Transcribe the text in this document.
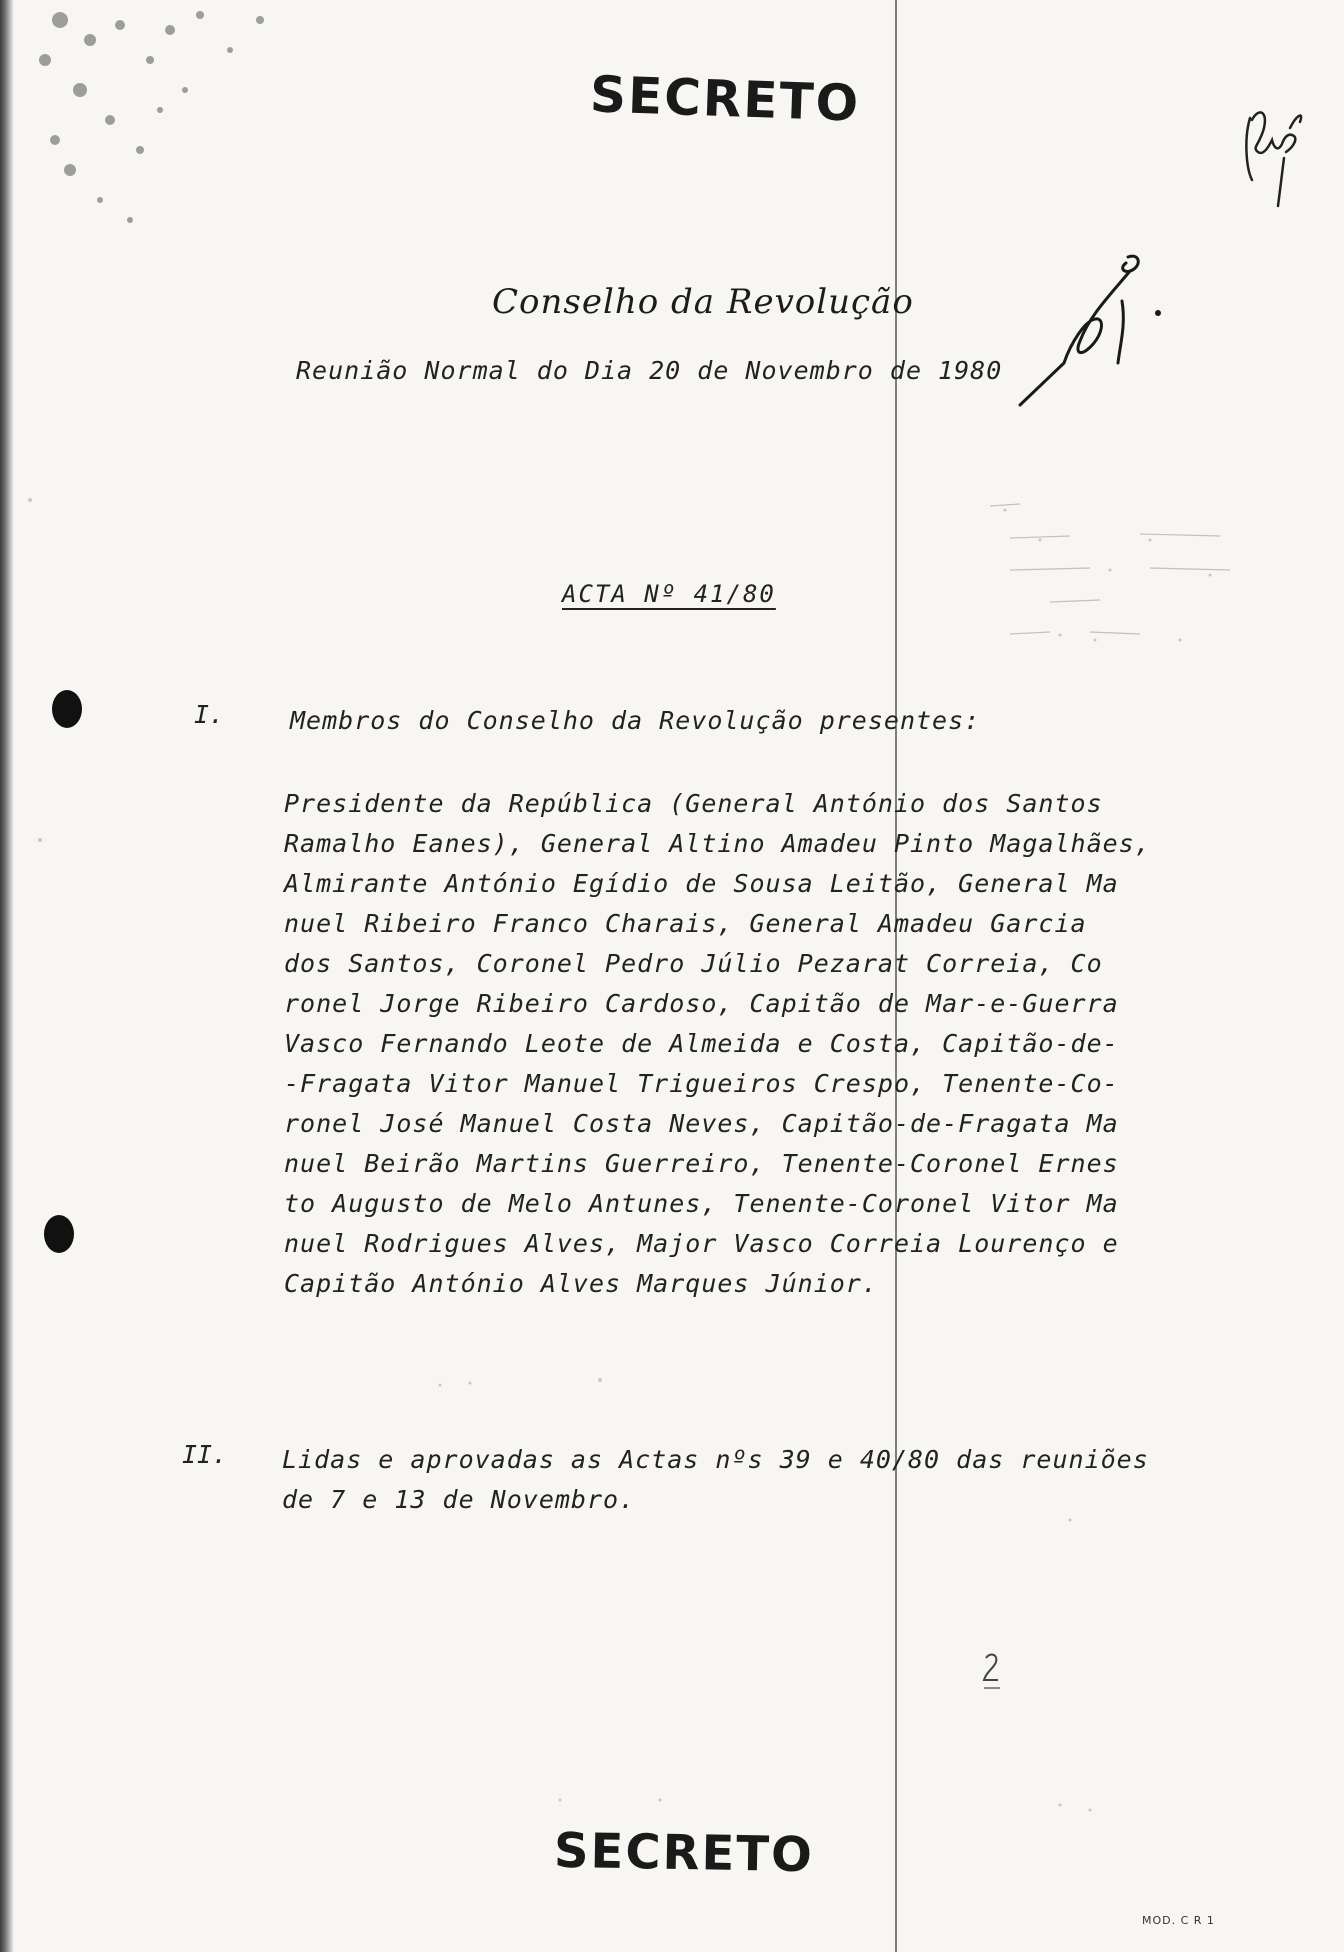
SECRETO
Conselho da Revolução
Reunião Normal do Dia 20 de Novembro de 1980
ACTA Nº 41/80
I.	Membros do Conselho da Revolução presentes:
Presidente da República (General António dos Santos
Ramalho Eanes), General Altino Amadeu Pinto Magalhães,
Almirante António Egídio de Sousa Leitão, General Ma
nuel Ribeiro Franco Charais, General Amadeu Garcia
dos Santos, Coronel Pedro Júlio Pezarat Correia, Co
ronel Jorge Ribeiro Cardoso, Capitão de Mar-e-Guerra
Vasco Fernando Leote de Almeida e Costa, Capitão-de-
-Fragata Vitor Manuel Trigueiros Crespo, Tenente-Co-
ronel José Manuel Costa Neves, Capitão-de-Fragata Ma
nuel Beirão Martins Guerreiro, Tenente-Coronel Ernes
to Augusto de Melo Antunes, Tenente-Coronel Vitor Ma
nuel Rodrigues Alves, Major Vasco Correia Lourenço e
Capitão António Alves Marques Júnior.
II. Lidas e aprovadas as Actas nºs 39 e 40/80 das reuniões
de 7 e 13 de Novembro.
SECRETO
MOD. C R 1
